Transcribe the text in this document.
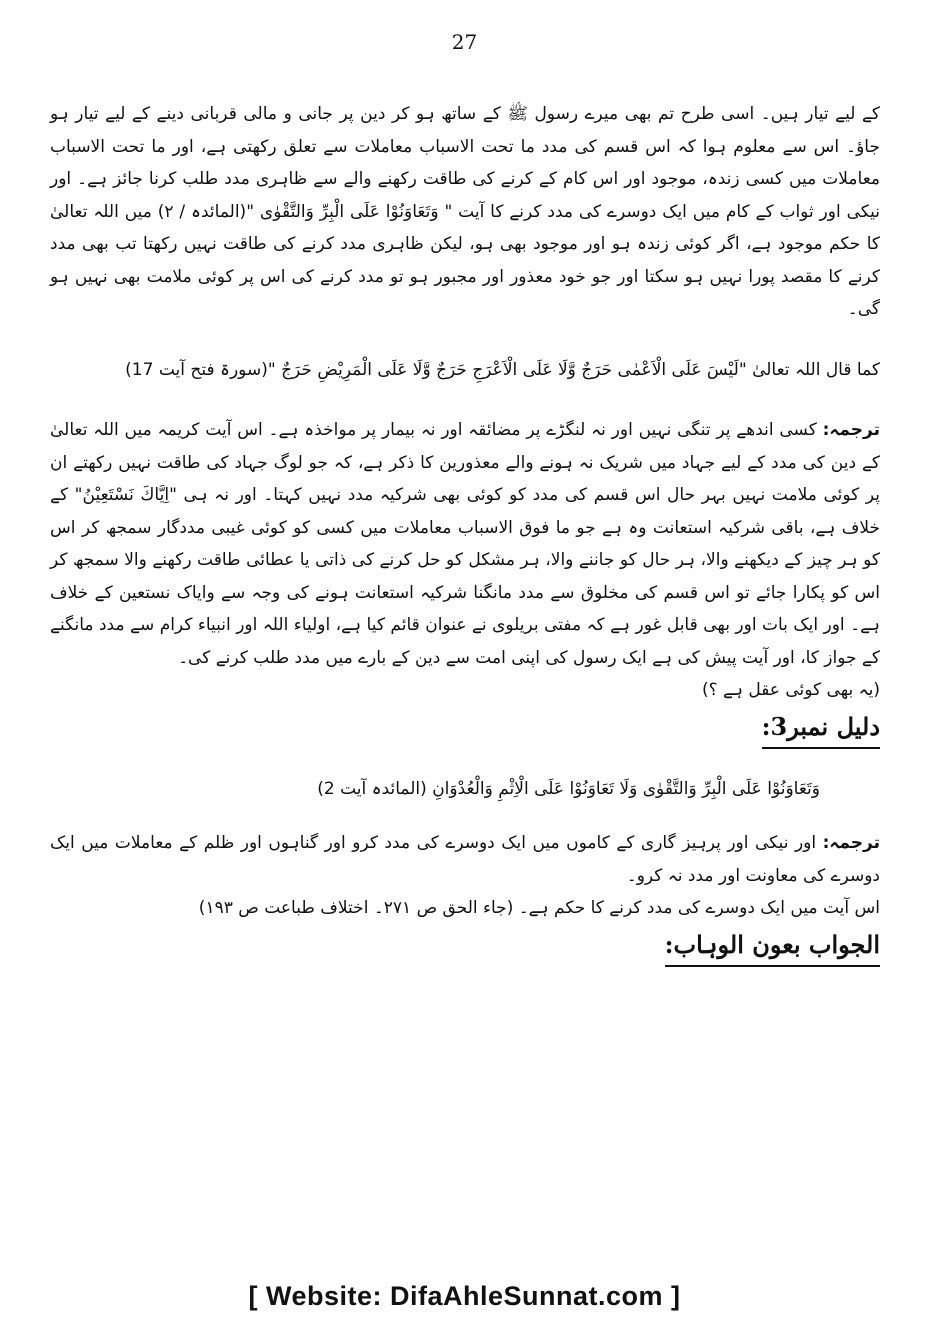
27

کے لیے تیار ہیں۔ اسی طرح تم بھی میرے رسول ﷺ کے ساتھ ہو کر دین پر جانی و مالی قربانی دینے کے لیے تیار ہو جاؤ۔ اس سے معلوم ہوا کہ اس قسم کی مدد ما تحت الاسباب معاملات سے تعلق رکھتی ہے، اور ما تحت الاسباب معاملات میں کسی زندہ، موجود اور اس کام کے کرنے کی طاقت رکھنے والے سے ظاہری مدد طلب کرنا جائز ہے۔ اور نیکی اور ثواب کے کام میں ایک دوسرے کی مدد کرنے کا آیت " وَتَعَاوَنُوْا عَلَى الْبِرِّ وَالتَّقْوٰى "(المائدہ / ۲) میں اللہ تعالیٰ کا حکم موجود ہے، اگر کوئی زندہ ہو اور موجود بھی ہو، لیکن ظاہری مدد کرنے کی طاقت نہیں رکھتا تب بھی مدد کرنے کا مقصد پورا نہیں ہو سکتا اور جو خود معذور اور مجبور ہو تو مدد کرنے کی اس پر کوئی ملامت بھی نہیں ہو گی۔

کما قال اللہ تعالیٰ "لَيْسَ عَلَى الْاَعْمٰى حَرَجٌ وَّلَا عَلَى الْاَعْرَجِ حَرَجٌ وَّلَا عَلَى الْمَرِيْضِ حَرَجٌ "(سورۃ فتح آیت 17)

ترجمہ: کسی اندھے پر تنگی نہیں اور نہ لنگڑے پر مضائقہ اور نہ بیمار پر مواخذہ ہے۔ اس آیت کریمہ میں اللہ تعالیٰ کے دین کی مدد کے لیے جہاد میں شریک نہ ہونے والے معذورین کا ذکر ہے، کہ جو لوگ جہاد کی طاقت نہیں رکھتے ان پر کوئی ملامت نہیں بہر حال اس قسم کی مدد کو کوئی بھی شرکیہ مدد نہیں کہتا۔ اور نہ ہی "اِيَّاكَ نَسْتَعِيْنُ" کے خلاف ہے، باقی شرکیہ استعانت وہ ہے جو ما فوق الاسباب معاملات میں کسی کو کوئی غیبی مددگار سمجھ کر اس کو ہر چیز کے دیکھنے والا، ہر حال کو جاننے والا، ہر مشکل کو حل کرنے کی ذاتی یا عطائی طاقت رکھنے والا سمجھ کر اس کو پکارا جائے تو اس قسم کی مخلوق سے مدد مانگنا شرکیہ استعانت ہونے کی وجہ سے وایاک نستعین کے خلاف ہے۔ اور ایک بات اور بھی قابل غور ہے کہ مفتی بریلوی نے عنوان قائم کیا ہے، اولیاء اللہ اور انبیاء کرام سے مدد مانگنے کے جواز کا، اور آیت پیش کی ہے ایک رسول کی اپنی امت سے دین کے بارے میں مدد طلب کرنے کی۔

(یہ بھی کوئی عقل ہے ؟)

دلیل نمبر3:

وَتَعَاوَنُوْا عَلَى الْبِرِّ وَالتَّقْوٰى وَلَا تَعَاوَنُوْا عَلَى الْاِثْمِ وَالْعُدْوَانِ (المائدہ آیت 2)

ترجمہ: اور نیکی اور پرہیز گاری کے کاموں میں ایک دوسرے کی مدد کرو اور گناہوں اور ظلم کے معاملات میں ایک دوسرے کی معاونت اور مدد نہ کرو۔

اس آیت میں ایک دوسرے کی مدد کرنے کا حکم ہے۔ (جاء الحق ص ۲۷۱۔ اختلاف طباعت ص ۱۹۳)

الجواب بعون الوہاب:
[ Website: DifaAhleSunnat.com ]
